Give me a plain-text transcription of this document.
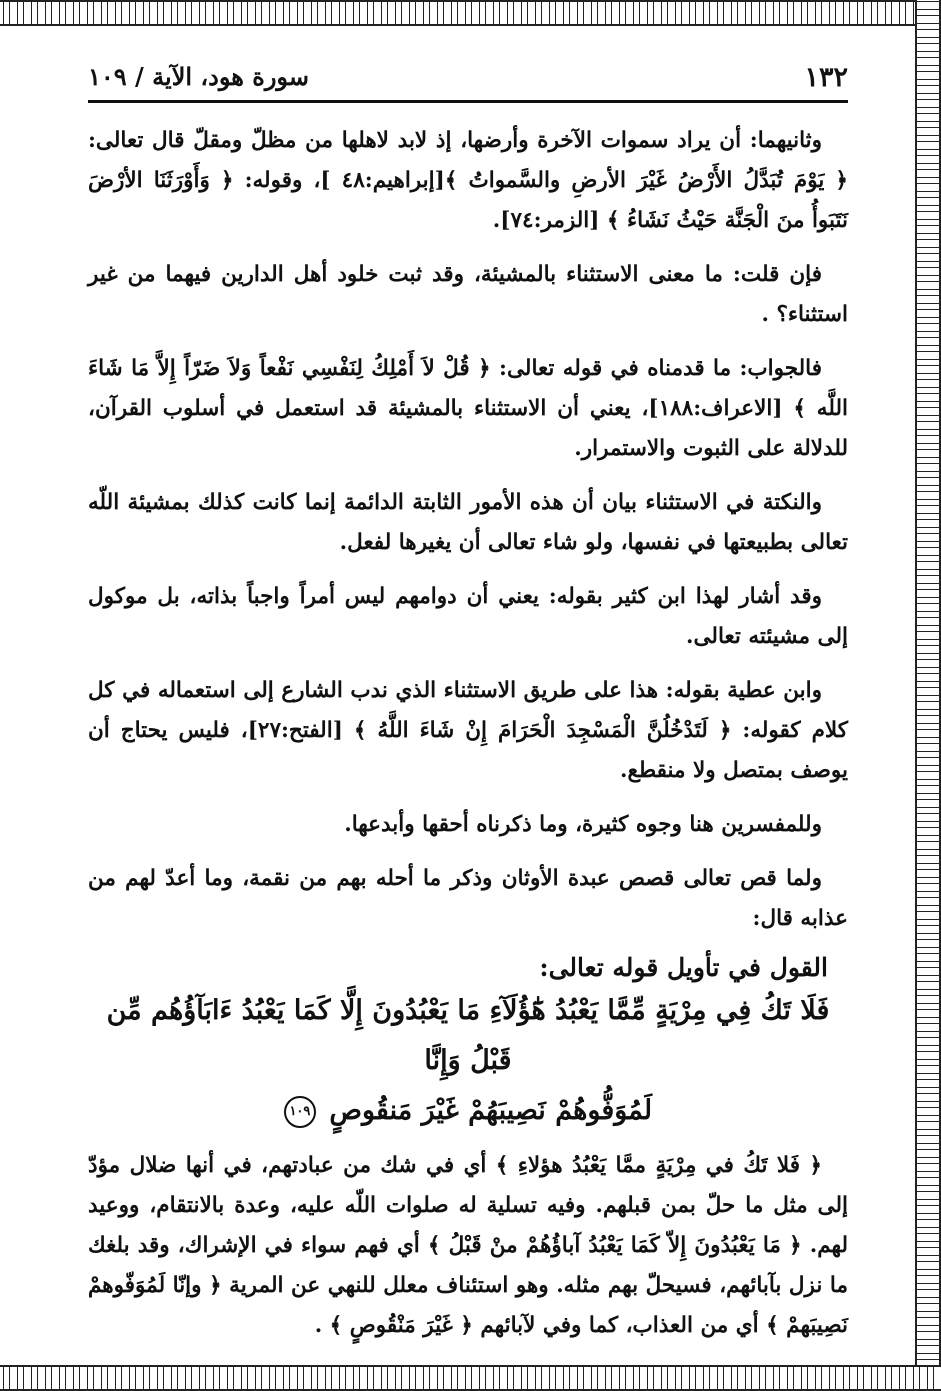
١٣٢
سورة هود، الآية / ١٠٩

وثانيهما: أن يراد سموات الآخرة وأرضها، إذ لابد لاهلها من مظلّ ومقلّ قال تعالى: ﴿ يَوْمَ تُبَدَّلُ الأَرْضُ غَيْرَ الأرضِ والسَّمواتُ ﴾[إبراهيم:٤٨ ]، وقوله: ﴿ وَأَوْرَثَنَا الأرْضَ نَتَبَوأُ منَ الْجَنَّة حَيْثُ نَشَاءُ ﴾ [الزمر:٧٤].

فإن قلت: ما معنى الاستثناء بالمشيئة، وقد ثبت خلود أهل الدارين فيهما من غير استثناء؟ .

فالجواب: ما قدمناه في قوله تعالى: ﴿ قُلْ لاَ أَمْلِكُ لِنَفْسِي نَفْعاً وَلاَ ضَرّاً إِلاَّ مَا شَاءَ اللَّه ﴾ [الاعراف:١٨٨]، يعني أن الاستثناء بالمشيئة قد استعمل في أسلوب القرآن، للدلالة على الثبوت والاستمرار.

والنكتة في الاستثناء بيان أن هذه الأمور الثابتة الدائمة إنما كانت كذلك بمشيئة اللّه تعالى بطبيعتها في نفسها، ولو شاء تعالى أن يغيرها لفعل.

وقد أشار لهذا ابن كثير بقوله: يعني أن دوامهم ليس أمراً واجباً بذاته، بل موكول إلى مشيئته تعالى.

وابن عطية بقوله: هذا على طريق الاستثناء الذي ندب الشارع إلى استعماله في كل كلام كقوله: ﴿ لَتَدْخُلُنَّ الْمَسْجِدَ الْحَرَامَ إِنْ شَاءَ اللَّهُ ﴾ [الفتح:٢٧]، فليس يحتاج أن يوصف بمتصل ولا منقطع.

وللمفسرين هنا وجوه كثيرة، وما ذكرناه أحقها وأبدعها.

ولما قص تعالى قصص عبدة الأوثان وذكر ما أحله بهم من نقمة، وما أعدّ لهم من عذابه قال:

القول في تأويل قوله تعالى:
فَلَا تَكُ فِي مِرْيَةٍ مِّمَّا يَعْبُدُ هَٰٓؤُلَآءِ مَا يَعْبُدُونَ إِلَّا كَمَا يَعْبُدُ ءَابَآؤُهُم مِّن قَبْلُ وَإِنَّا
لَمُوَفُّوهُمْ نَصِيبَهُمْ غَيْرَ مَنقُوصٍ ١٠٩

﴿ فَلا تَكُ في مِرْيَةٍ ممَّا يَعْبُدُ هؤلاءِ ﴾ أي في شك من عبادتهم، في أنها ضلال مؤدّ إلى مثل ما حلّ بمن قبلهم. وفيه تسلية له صلوات اللّه عليه، وعدة بالانتقام، ووعيد لهم. ﴿ مَا يَعْبُدُونَ إِلاّ كَمَا يَعْبُدُ آباؤُهُمْ منْ قَبْلُ ﴾ أي فهم سواء في الإشراك، وقد بلغك ما نزل بآبائهم، فسيحلّ بهم مثله. وهو استئناف معلل للنهي عن المرية ﴿ وإنّا لَمُوَفّوهمْ نَصِيبَهمْ ﴾ أي من العذاب، كما وفي لآبائهم ﴿ غَيْرَ مَنْقُوصٍ ﴾ .
